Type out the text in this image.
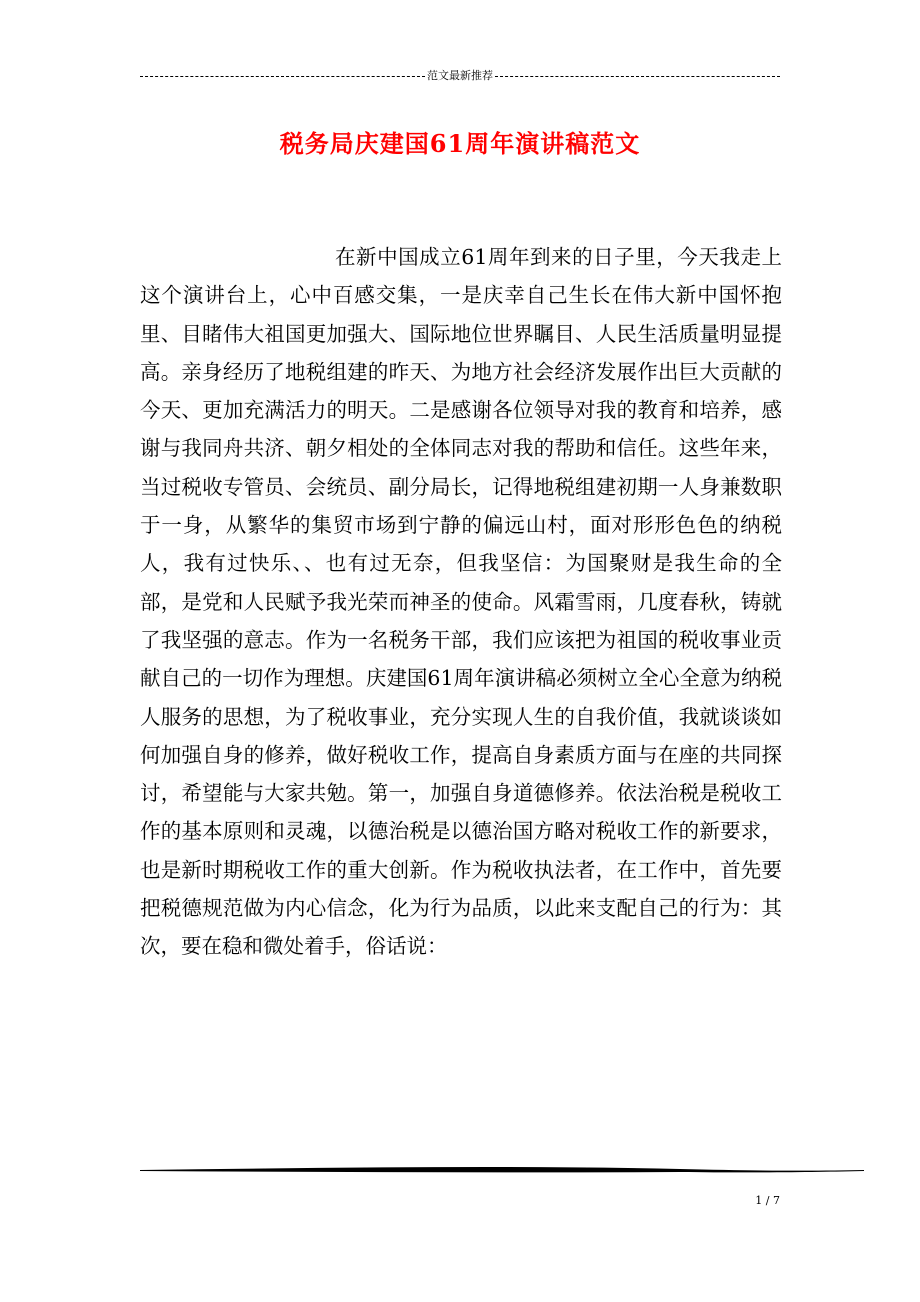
范文最新推荐
税务局庆建国61周年演讲稿范文

在新中国成立61周年到来的日子里，今天我走上这个演讲台上，心中百感交集，一是庆幸自己生长在伟大新中国怀抱里、目睹伟大祖国更加强大、国际地位世界瞩目、人民生活质量明显提高。亲身经历了地税组建的昨天、为地方社会经济发展作出巨大贡献的今天、更加充满活力的明天。二是感谢各位领导对我的教育和培养，感谢与我同舟共济、朝夕相处的全体同志对我的帮助和信任。这些年来，当过税收专管员、会统员、副分局长，记得地税组建初期一人身兼数职于一身，从繁华的集贸市场到宁静的偏远山村，面对形形色色的纳税人，我有过快乐、、也有过无奈，但我坚信：为国聚财是我生命的全部，是党和人民赋予我光荣而神圣的使命。风霜雪雨，几度春秋，铸就了我坚强的意志。作为一名税务干部，我们应该把为祖国的税收事业贡献自己的一切作为理想。庆建国61周年演讲稿必须树立全心全意为纳税人服务的思想，为了税收事业，充分实现人生的自我价值，我就谈谈如何加强自身的修养，做好税收工作，提高自身素质方面与在座的共同探讨，希望能与大家共勉。第一，加强自身道德修养。依法治税是税收工作的基本原则和灵魂，以德治税是以德治国方略对税收工作的新要求，也是新时期税收工作的重大创新。作为税收执法者，在工作中，首先要把税德规范做为内心信念，化为行为品质，以此来支配自己的行为：其次，要在稳和微处着手，俗话说：

1 / 7
